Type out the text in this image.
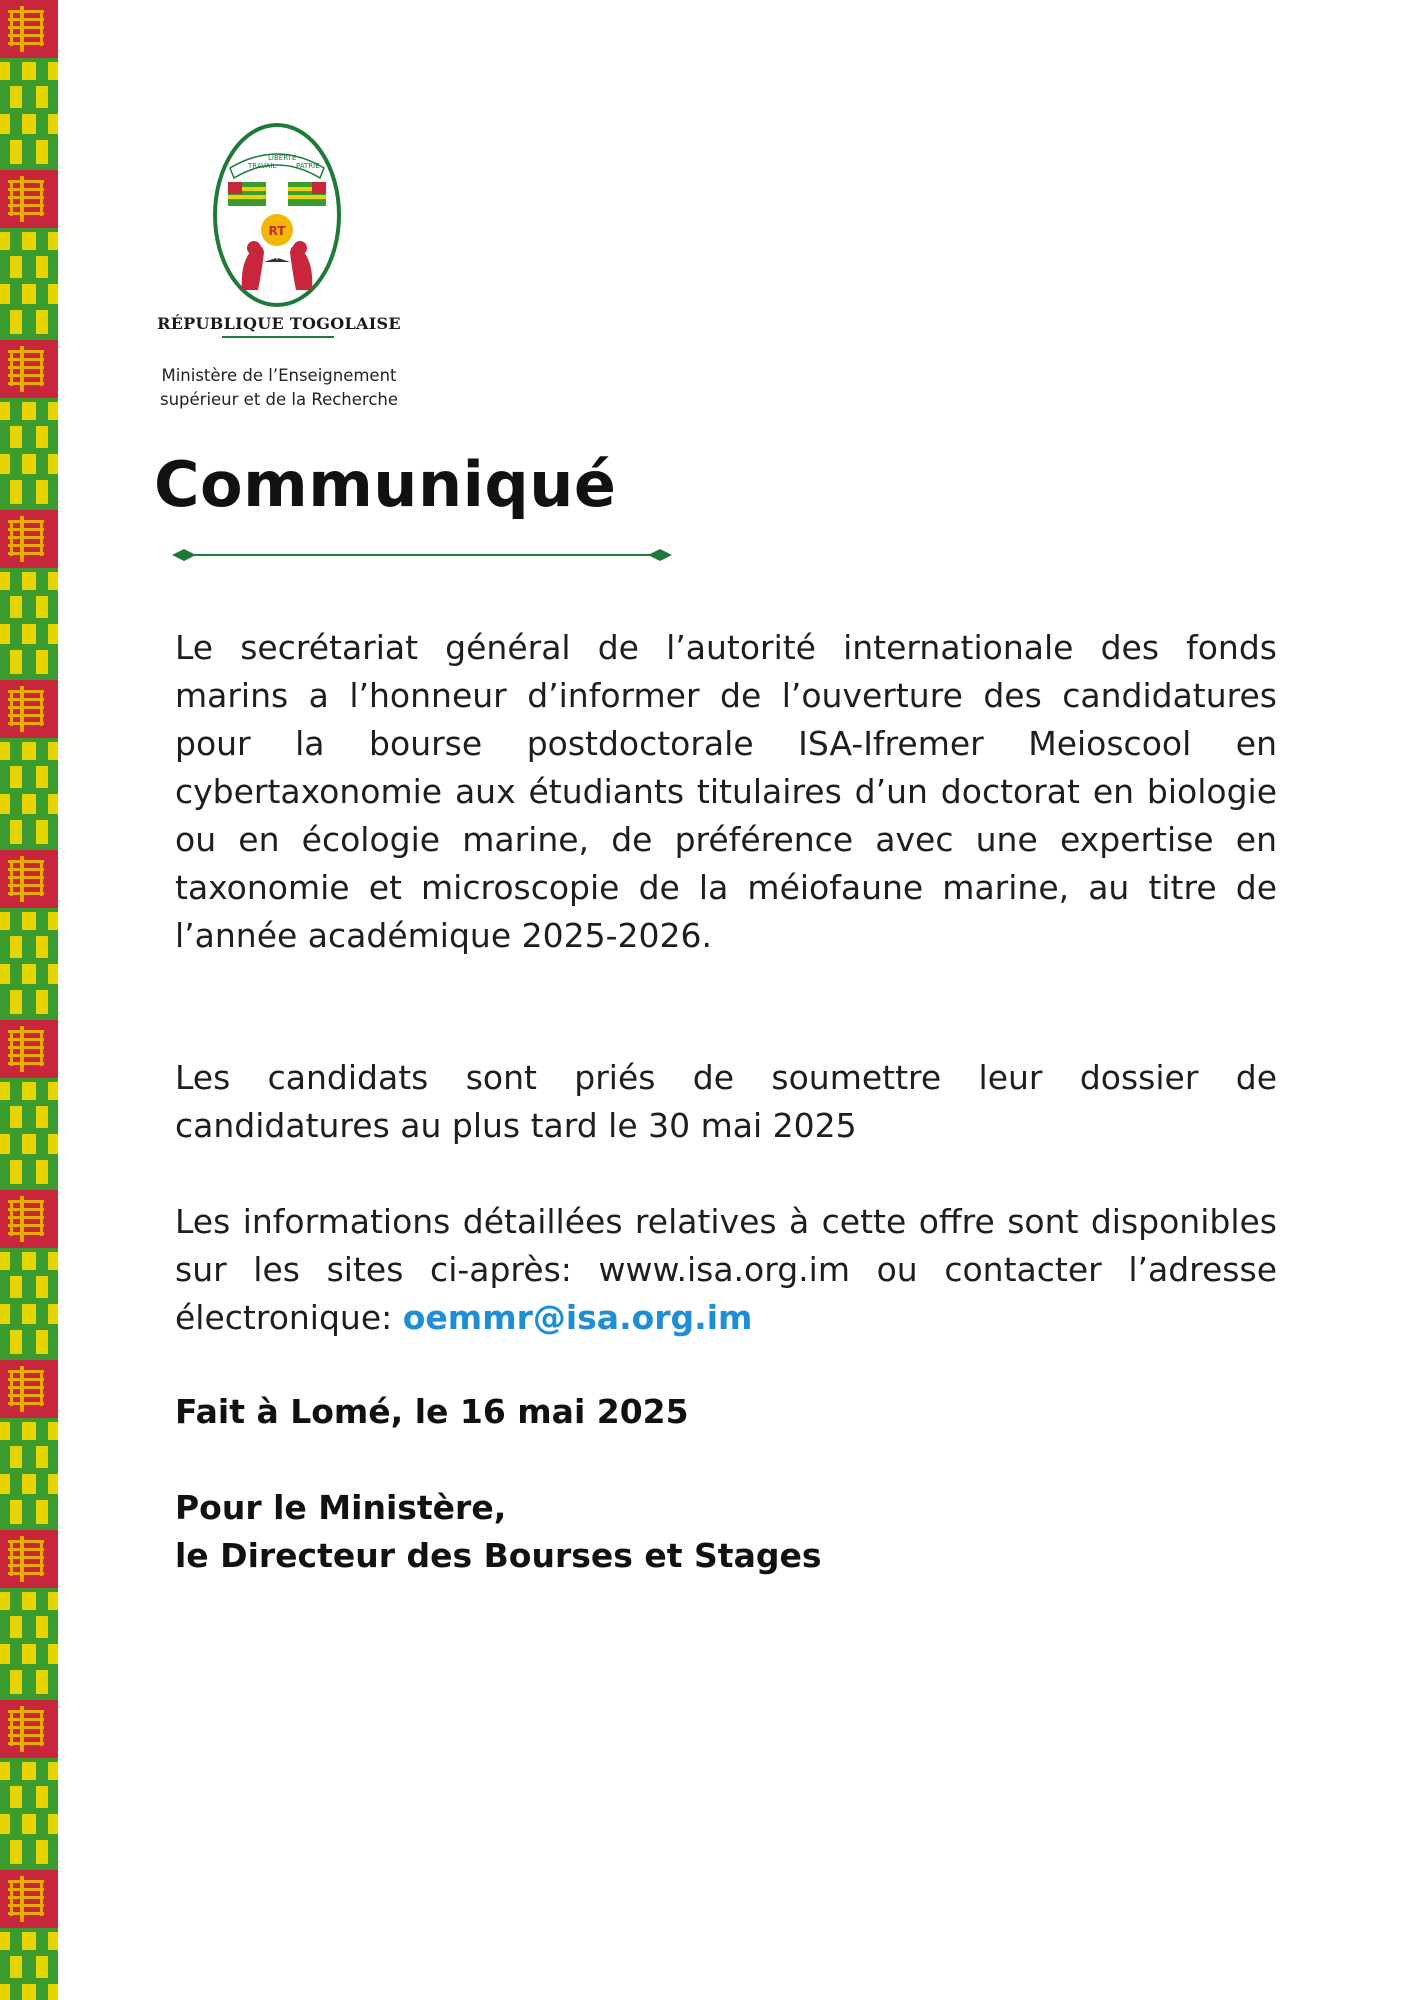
TRAVAIL
LIBERTÉ
PATRIE
RT
RÉPUBLIQUE TOGOLAISE
Ministère de l’Enseignement
supérieur et de la Recherche
Communiqué

Le secrétariat général de l’autorité internationale des fonds marins a l’honneur d’informer de l’ouverture des candidatures pour la bourse postdoctorale ISA-Ifremer Meioscool en cybertaxonomie aux étudiants titulaires d’un doctorat en biologie ou en écologie marine, de préférence avec une expertise en taxonomie et microscopie de la méiofaune marine, au titre de l’année académique 2025-2026.

Les candidats sont priés de soumettre leur dossier de candidatures au plus tard le 30 mai 2025

Les informations détaillées relatives à cette offre sont disponibles sur les sites ci-après: www.isa.org.im ou contacter l’adresse électronique: oemmr@isa.org.im

Fait à Lomé, le 16 mai 2025

Pour le Ministère,

le Directeur des Bourses et Stages
